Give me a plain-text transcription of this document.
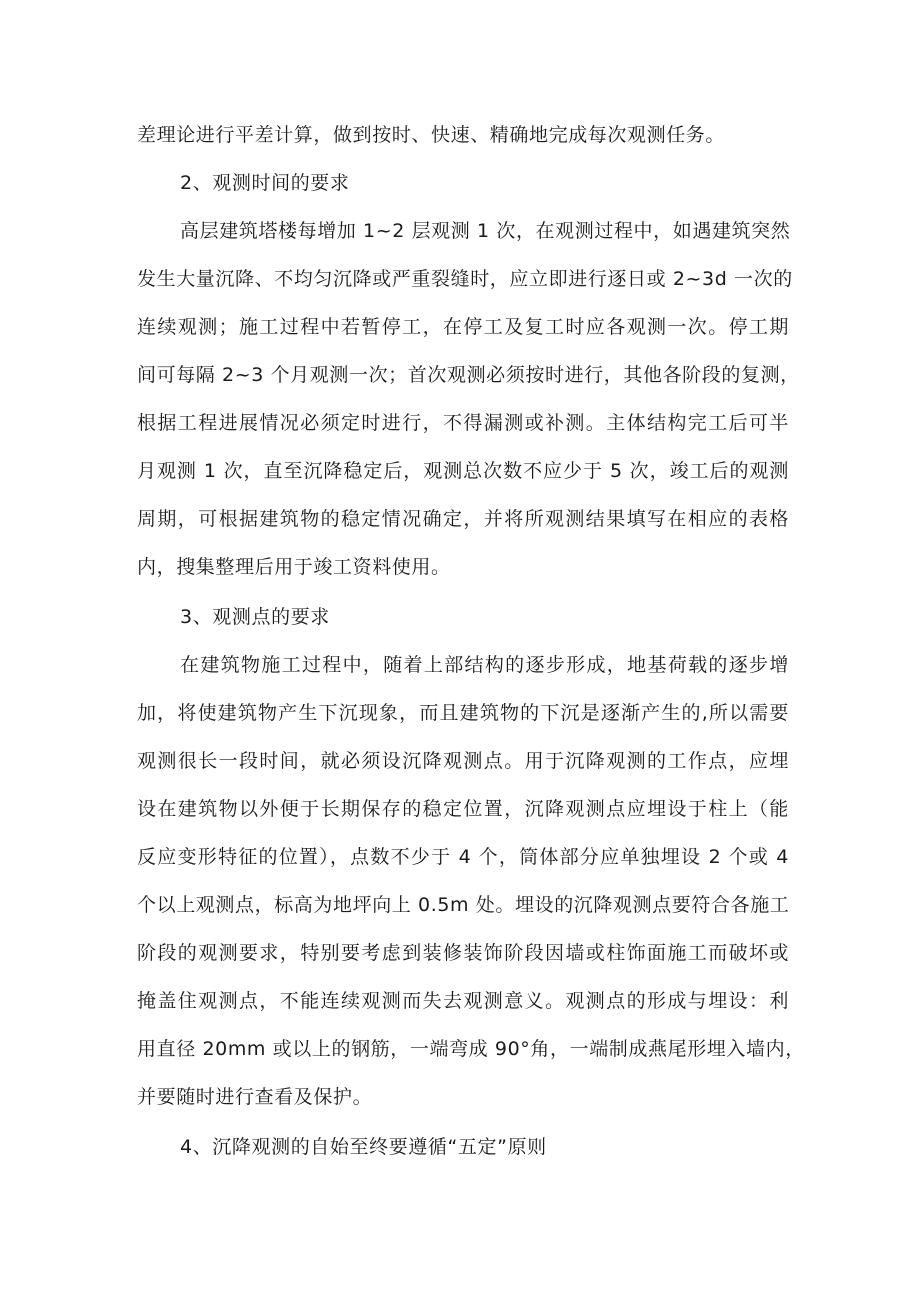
差理论进行平差计算，做到按时、快速、精确地完成每次观测任务。
2、观测时间的要求
高层建筑塔楼每增加 1~2 层观测 1 次，在观测过程中，如遇建筑突然
发生大量沉降、不均匀沉降或严重裂缝时，应立即进行逐日或 2~3d 一次的
连续观测；施工过程中若暂停工，在停工及复工时应各观测一次。停工期
间可每隔 2~3 个月观测一次；首次观测必须按时进行，其他各阶段的复测，
根据工程进展情况必须定时进行，不得漏测或补测。主体结构完工后可半
月观测 1 次，直至沉降稳定后，观测总次数不应少于 5 次，竣工后的观测
周期，可根据建筑物的稳定情况确定，并将所观测结果填写在相应的表格
内，搜集整理后用于竣工资料使用。
3、观测点的要求
在建筑物施工过程中，随着上部结构的逐步形成，地基荷载的逐步增
加，将使建筑物产生下沉现象，而且建筑物的下沉是逐渐产生的,所以需要
观测很长一段时间，就必须设沉降观测点。用于沉降观测的工作点，应埋
设在建筑物以外便于长期保存的稳定位置，沉降观测点应埋设于柱上（能
反应变形特征的位置），点数不少于 4 个，筒体部分应单独埋设 2 个或 4
个以上观测点，标高为地坪向上 0.5m 处。埋设的沉降观测点要符合各施工
阶段的观测要求，特别要考虑到装修装饰阶段因墙或柱饰面施工而破坏或
掩盖住观测点，不能连续观测而失去观测意义。观测点的形成与埋设：利
用直径 20mm 或以上的钢筋，一端弯成 90°角，一端制成燕尾形埋入墙内，
并要随时进行查看及保护。
4、沉降观测的自始至终要遵循“五定”原则
